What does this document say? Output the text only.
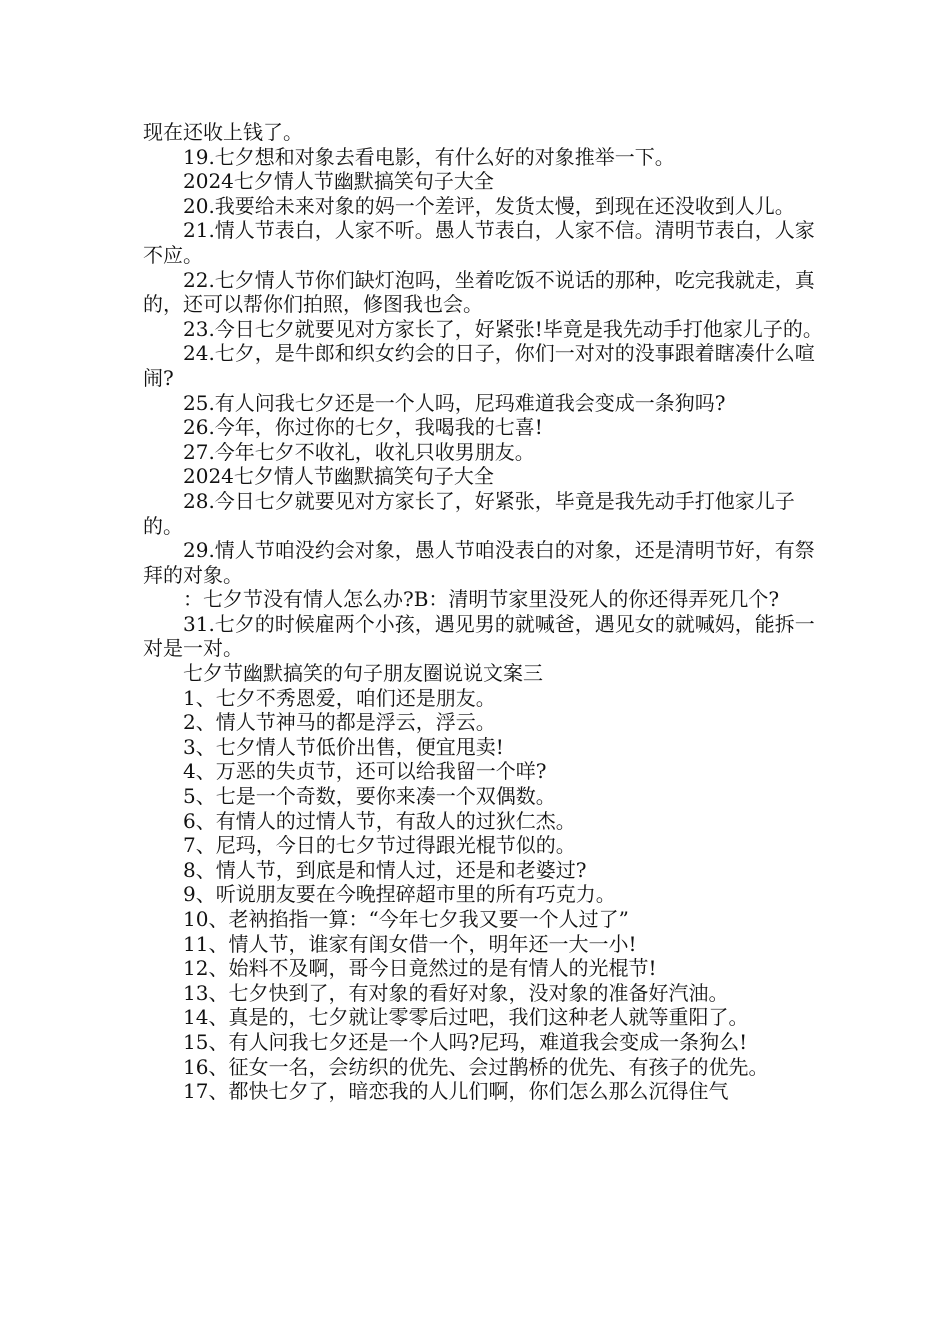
现在还收上钱了。

19.七夕想和对象去看电影，有什么好的对象推举一下。

2024七夕情人节幽默搞笑句子大全

20.我要给未来对象的妈一个差评，发货太慢，到现在还没收到人儿。

21.情人节表白，人家不听。愚人节表白，人家不信。清明节表白，人家不应。

22.七夕情人节你们缺灯泡吗，坐着吃饭不说话的那种，吃完我就走，真的，还可以帮你们拍照，修图我也会。

23.今日七夕就要见对方家长了，好紧张!毕竟是我先动手打他家儿子的。

24.七夕，是牛郎和织女约会的日子，你们一对对的没事跟着瞎凑什么喧闹?

25.有人问我七夕还是一个人吗，尼玛难道我会变成一条狗吗?

26.今年，你过你的七夕，我喝我的七喜!

27.今年七夕不收礼，收礼只收男朋友。

2024七夕情人节幽默搞笑句子大全

28.今日七夕就要见对方家长了，好紧张，毕竟是我先动手打他家儿子的。

29.情人节咱没约会对象，愚人节咱没表白的对象，还是清明节好，有祭拜的对象。

：七夕节没有情人怎么办?B：清明节家里没死人的你还得弄死几个?

31.七夕的时候雇两个小孩，遇见男的就喊爸，遇见女的就喊妈，能拆一对是一对。

七夕节幽默搞笑的句子朋友圈说说文案三

1、七夕不秀恩爱，咱们还是朋友。

2、情人节神马的都是浮云，浮云。

3、七夕情人节低价出售，便宜甩卖!

4、万恶的失贞节，还可以给我留一个咩?

5、七是一个奇数，要你来凑一个双偶数。

6、有情人的过情人节，有敌人的过狄仁杰。

7、尼玛，今日的七夕节过得跟光棍节似的。

8、情人节，到底是和情人过，还是和老婆过?

9、听说朋友要在今晚捏碎超市里的所有巧克力。

10、老衲掐指一算：“今年七夕我又要一个人过了”

11、情人节，谁家有闺女借一个，明年还一大一小!

12、始料不及啊，哥今日竟然过的是有情人的光棍节!

13、七夕快到了，有对象的看好对象，没对象的准备好汽油。

14、真是的，七夕就让零零后过吧，我们这种老人就等重阳了。

15、有人问我七夕还是一个人吗?尼玛，难道我会变成一条狗么!

16、征女一名，会纺织的优先、会过鹊桥的优先、有孩子的优先。

17、都快七夕了，暗恋我的人儿们啊，你们怎么那么沉得住气
